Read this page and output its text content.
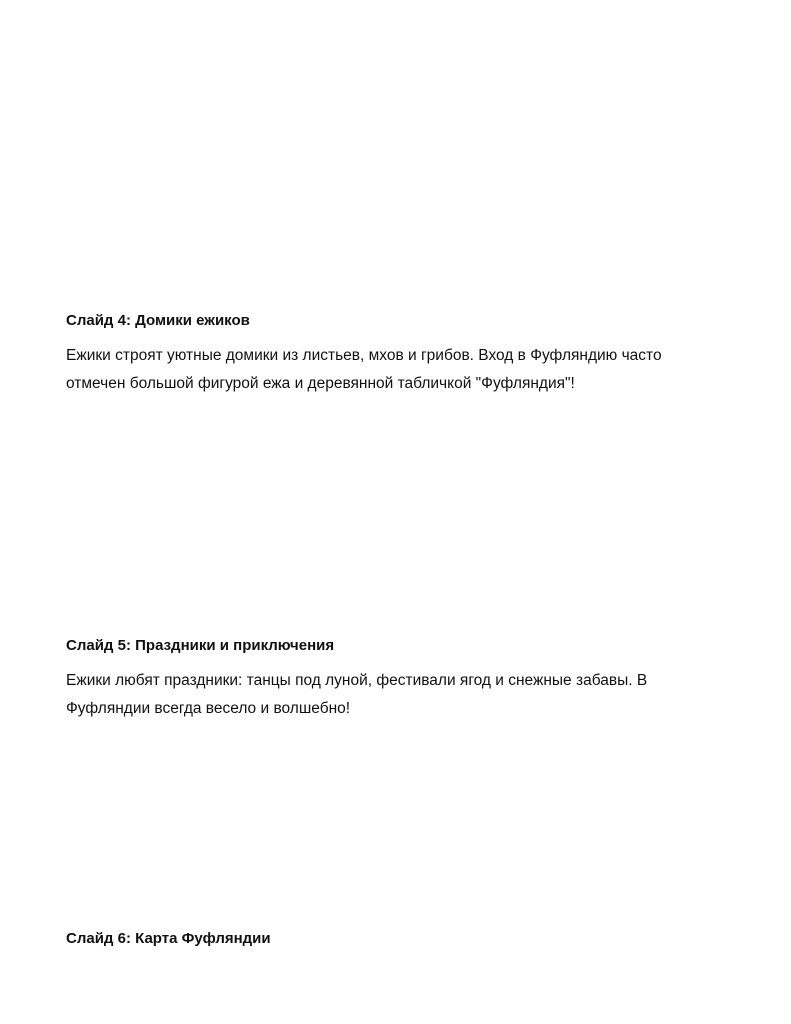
Слайд 4: Домики ежиков

Ежики строят уютные домики из листьев, мхов и грибов. Вход в Фуфляндию часто
отмечен большой фигурой ежа и деревянной табличкой "Фуфляндия"!

Слайд 5: Праздники и приключения

Ежики любят праздники: танцы под луной, фестивали ягод и снежные забавы. В
Фуфляндии всегда весело и волшебно!

Слайд 6: Карта Фуфляндии
